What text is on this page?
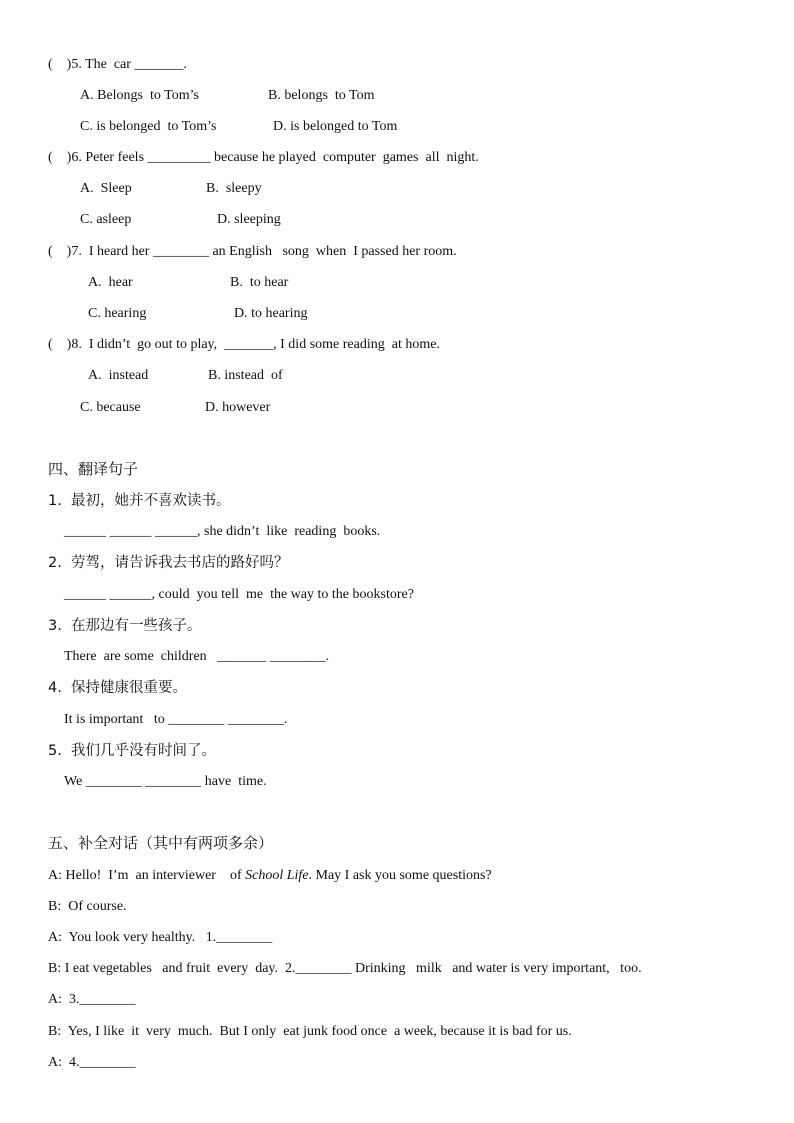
(    )5. The  car _______.
A. Belongs  to Tom’s	B. belongs  to Tom
C. is belonged  to Tom’s	D. is belonged to Tom
(    )6. Peter feels _________ because he played  computer  games  all  night.
A.  Sleep	B.  sleepy
C. asleep	D. sleeping
(    )7.  I heard her ________ an English   song  when  I passed her room.
A.  hear	B.  to hear
C. hearing	D. to hearing
(    )8.  I didn’t  go out to play,  _______, I did some reading  at home.
A.  instead	B. instead  of
C. because	D. however
四、翻译句子
1.  最初，她并不喜欢读书。
______ ______ ______, she didn’t  like  reading  books.
2.  劳驾，请告诉我去书店的路好吗？
______ ______, could  you tell  me  the way to the bookstore?
3.  在那边有一些孩子。
There  are some  children   _______ ________.
4.  保持健康很重要。
It is important   to ________ ________.
5.  我们几乎没有时间了。
We ________ ________ have  time.
五、补全对话（其中有两项多余）
A: Hello!  I’m  an interviewer    of School Life. May I ask you some questions?
B:  Of course.
A:  You look very healthy.   1.________
B: I eat vegetables   and fruit  every  day.  2.________ Drinking   milk   and water is very important,   too.
A:  3.________
B:  Yes, I like  it  very  much.  But I only  eat junk food once  a week, because it is bad for us.
A:  4.________
